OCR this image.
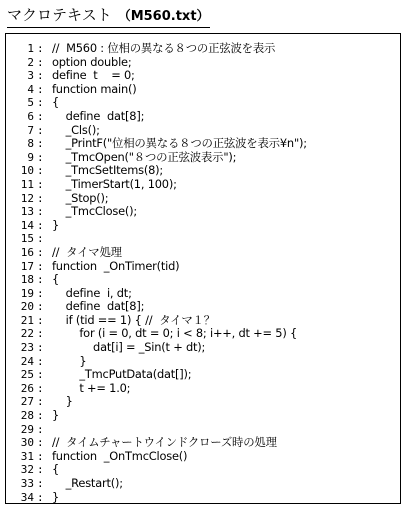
マクロテキスト （M560.txt）
1 : //  M560 : 位相の異なる８つの正弦波を表示
2 : option double;
3 : define  t    = 0;
4 : function main()
5 : {
6 : define  dat[8];
7 : _Cls();
8 : _PrintF("位相の異なる８つの正弦波を表示¥n");
9 : _TmcOpen("８つの正弦波表示");
10 : _TmcSetItems(8);
11 : _TimerStart(1, 100);
12 : _Stop();
13 : _TmcClose();
14 : }
15 :
16 : //  タイマ処理
17 : function  _OnTimer(tid)
18 : {
19 : define  i, dt;
20 : define  dat[8];
21 : if (tid == 1) { //  タイマ１？
22 : for (i = 0, dt = 0; i < 8; i++, dt += 5) {
23 : dat[i] = _Sin(t + dt);
24 : }
25 : _TmcPutData(dat[]);
26 : t += 1.0;
27 : }
28 : }
29 :
30 : //  タイムチャートウインドクローズ時の処理
31 : function  _OnTmcClose()
32 : {
33 : _Restart();
34 : }
